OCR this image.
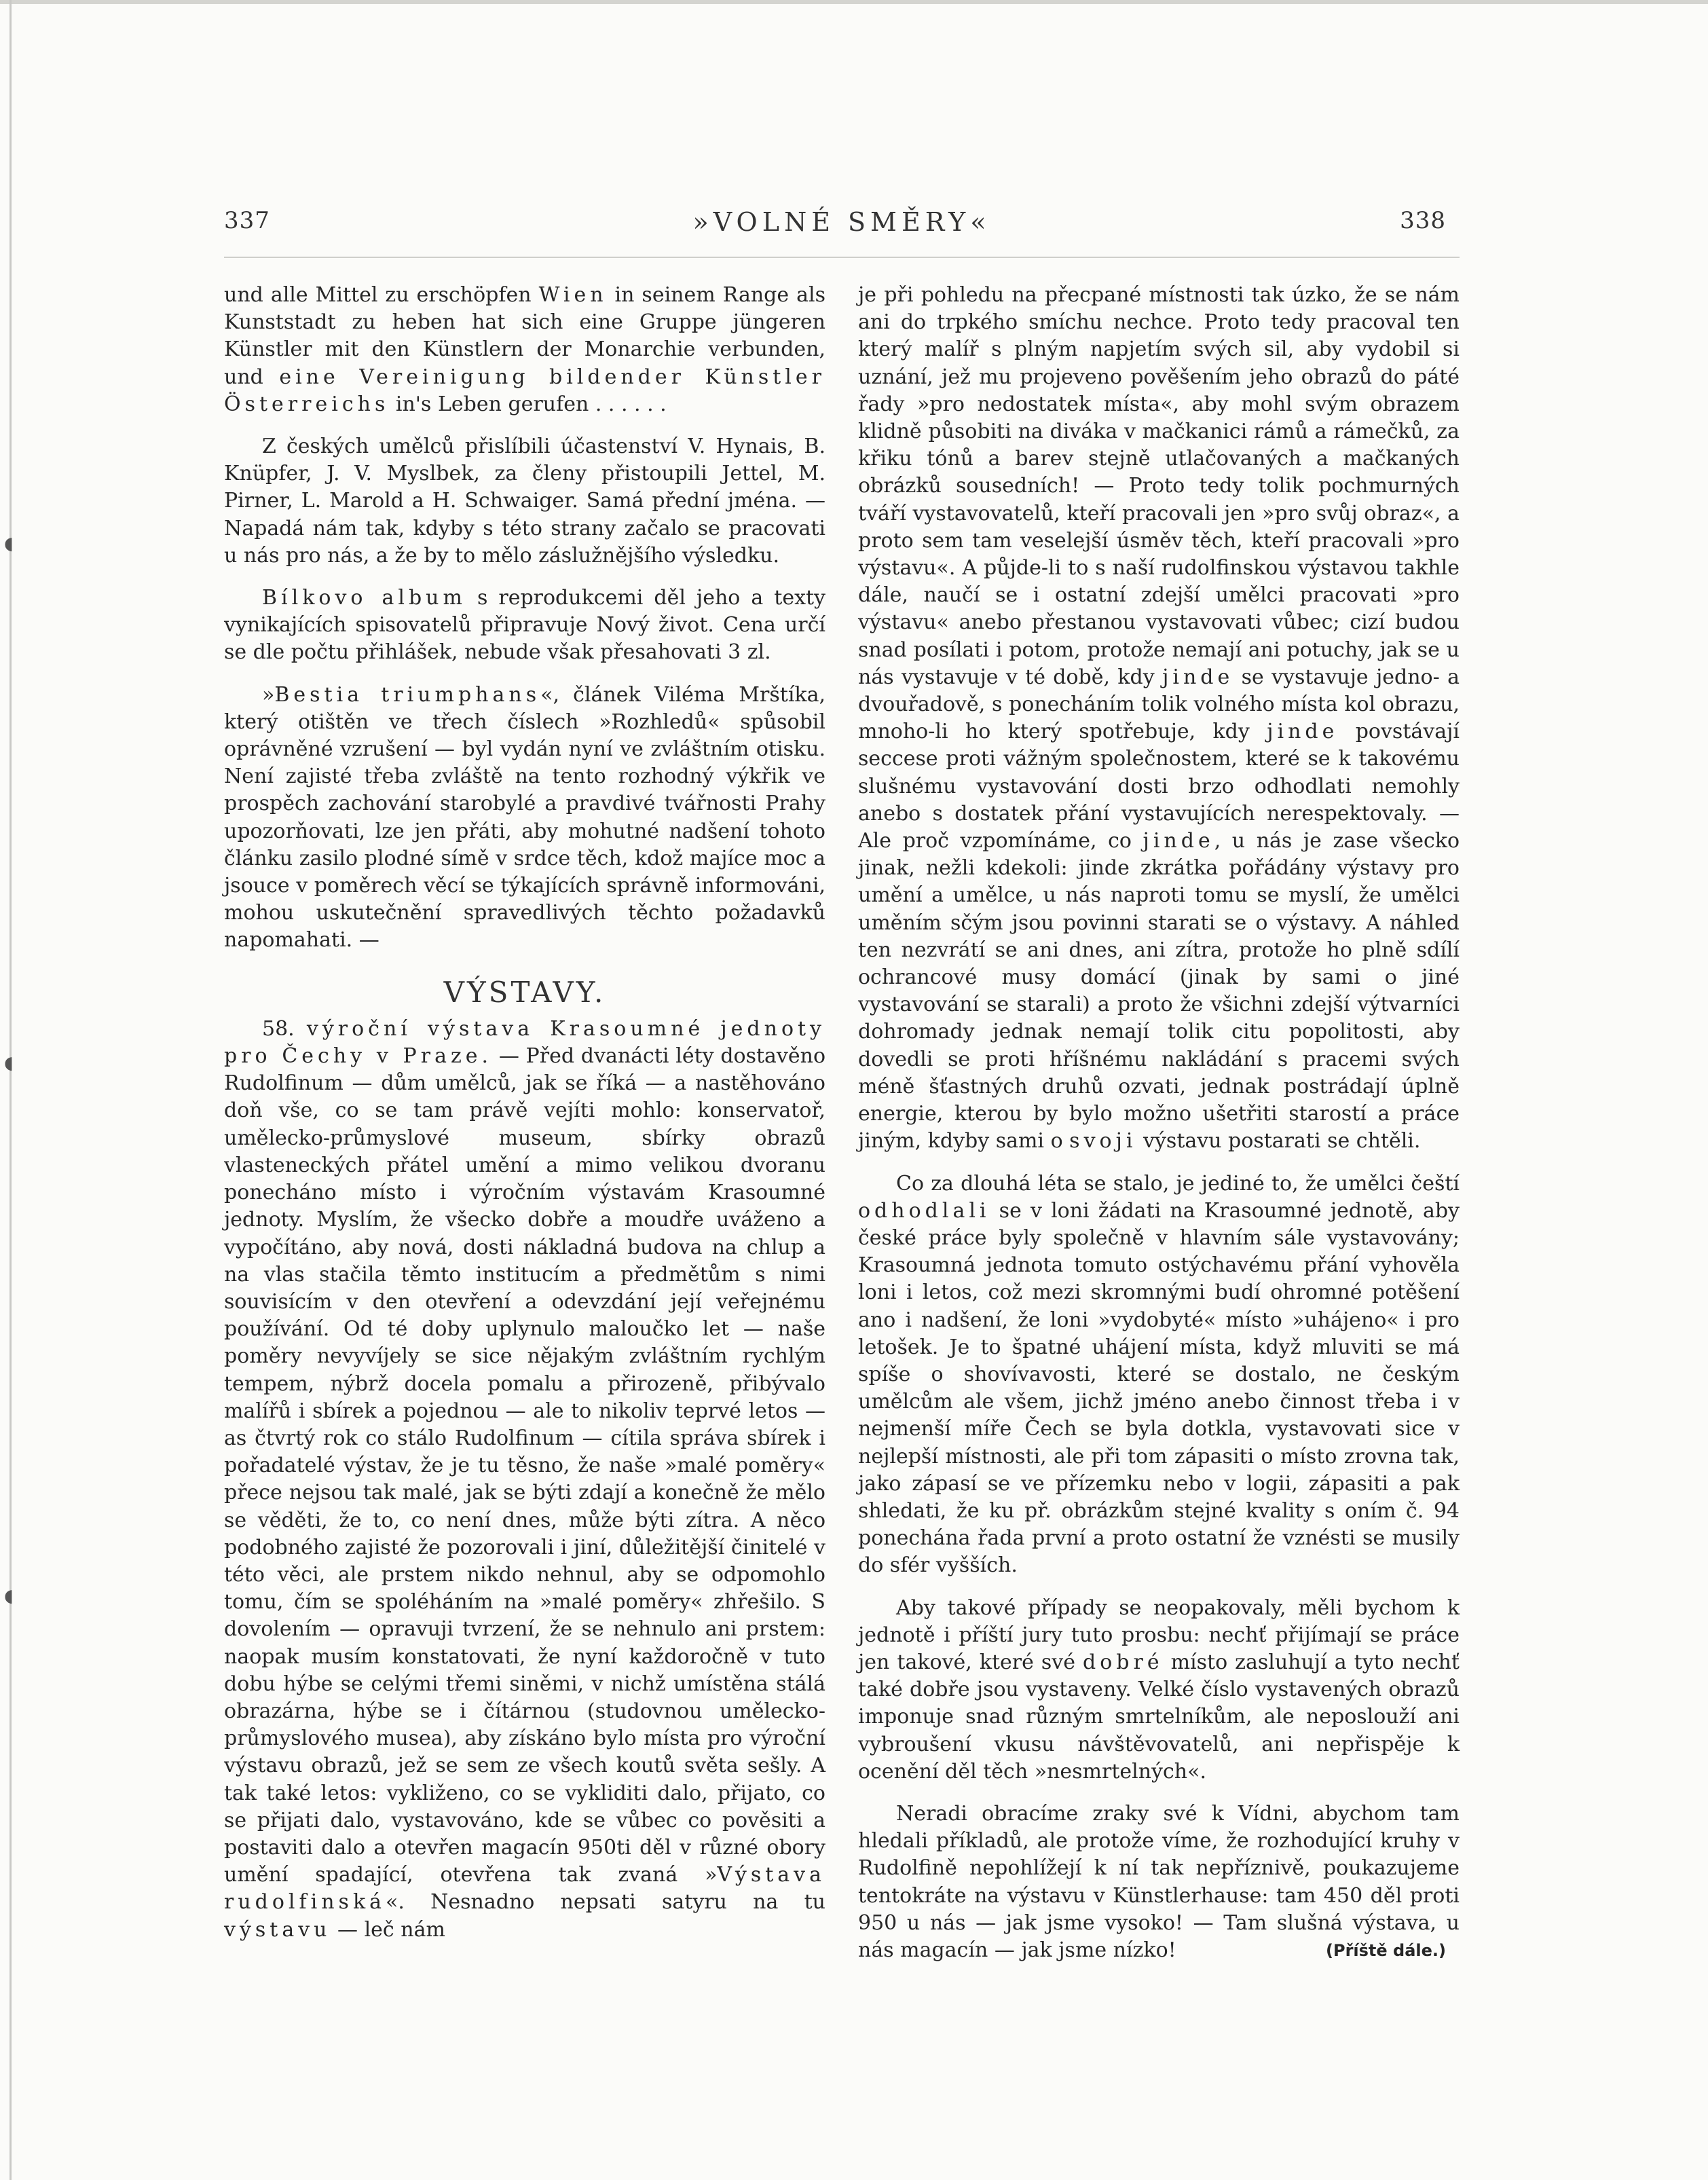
◖
◖
◖
337	»VOLNÉ SMĚRY«	338

und alle Mittel zu erschöpfen Wien in seinem Range als Kunststadt zu heben hat sich eine Gruppe jüngeren Künstler mit den Künstlern der Monarchie verbunden, und eine Vereinigung bildender Künstler Österreichs in's Leben gerufen . . . . . .

Z českých umělců přislíbili účastenství V. Hynais, B. Knüpfer, J. V. Myslbek, za členy přistoupili Jettel, M. Pirner, L. Marold a H. Schwaiger. Samá přední jména. — Napadá nám tak, kdyby s této strany začalo se pracovati u nás pro nás, a že by to mělo záslužnějšího výsledku.

Bílkovo album s reprodukcemi děl jeho a texty vynikajících spisovatelů připravuje Nový život. Cena určí se dle počtu přihlášek, nebude však přesahovati 3 zl.

»Bestia triumphans«, článek Viléma Mrštíka, který otištěn ve třech číslech »Rozhledů« spůsobil oprávněné vzrušení — byl vydán nyní ve zvláštním otisku. Není zajisté třeba zvláště na tento rozhodný výkřik ve prospěch zachování starobylé a pravdivé tvářnosti Prahy upozorňovati, lze jen přáti, aby mohutné nadšení tohoto článku zasilo plodné símě v srdce těch, kdož majíce moc a jsouce v poměrech věcí se týkajících správně informováni, mohou uskutečnění spravedlivých těchto požadavků napomahati. —

VÝSTAVY.

58. výroční výstava Krasoumné jednoty pro Čechy v Praze. — Před dvanácti léty dostavěno Rudolfinum — dům umělců, jak se říká — a nastěhováno doň vše, co se tam právě vejíti mohlo: konservatoř, umělecko-průmyslové museum, sbírky obrazů vlasteneckých přátel umění a mimo velikou dvoranu ponecháno místo i výročním výstavám Krasoumné jednoty. Myslím, že všecko dobře a moudře uváženo a vypočítáno, aby nová, dosti nákladná budova na chlup a na vlas stačila těmto institucím a předmětům s nimi souvisícím v den otevření a odevzdání její veřejnému používání. Od té doby uplynulo maloučko let — naše poměry nevyvíjely se sice nějakým zvláštním rychlým tempem, nýbrž docela pomalu a přirozeně, přibývalo malířů i sbírek a pojednou — ale to nikoliv teprvé letos — as čtvrtý rok co stálo Rudolfinum — cítila správa sbírek i pořadatelé výstav, že je tu těsno, že naše »malé poměry« přece nejsou tak malé, jak se býti zdají a konečně že mělo se věděti, že to, co není dnes, může býti zítra. A něco podobného zajisté že pozorovali i jiní, důležitější činitelé v této věci, ale prstem nikdo nehnul, aby se odpomohlo tomu, čím se spoléháním na »malé poměry« zhřešilo. S dovolením — opravuji tvrzení, že se nehnulo ani prstem: naopak musím konstatovati, že nyní každoročně v tuto dobu hýbe se celými třemi siněmi, v nichž umístěna stálá obrazárna, hýbe se i čítárnou (studovnou umělecko-průmyslového musea), aby získáno bylo místa pro výroční výstavu obrazů, jež se sem ze všech koutů světa sešly. A tak také letos: vykliženo, co se vykliditi dalo, přijato, co se přijati dalo, vystavováno, kde se vůbec co pověsiti a postaviti dalo a otevřen magacín 950ti děl v různé obory umění spadající, otevřena tak zvaná »Výstava rudolfinská«. Nesnadno nepsati satyru na tu výstavu — leč nám

je při pohledu na přecpané místnosti tak úzko, že se nám ani do trpkého smíchu nechce. Proto tedy pracoval ten který malíř s plným napjetím svých sil, aby vydobil si uznání, jež mu projeveno pověšením jeho obrazů do páté řady »pro nedostatek místa«, aby mohl svým obrazem klidně působiti na diváka v mačkanici rámů a rámečků, za křiku tónů a barev stejně utlačovaných a mačkaných obrázků sousedních! — Proto tedy tolik pochmurných tváří vystavovatelů, kteří pracovali jen »pro svůj obraz«, a proto sem tam veselejší úsměv těch, kteří pracovali »pro výstavu«. A půjde-li to s naší rudolfinskou výstavou takhle dále, naučí se i ostatní zdejší umělci pracovati »pro výstavu« anebo přestanou vystavovati vůbec; cizí budou snad posílati i potom, protože nemají ani potuchy, jak se u nás vystavuje v té době, kdy jinde se vystavuje jedno- a dvouřadově, s ponecháním tolik volného místa kol obrazu, mnoho-li ho který spotřebuje, kdy jinde povstávají seccese proti vážným společnostem, které se k takovému slušnému vystavování dosti brzo odhodlati nemohly anebo s dostatek přání vystavujících nerespektovaly. — Ale proč vzpomínáme, co jinde, u nás je zase všecko jinak, nežli kdekoli: jinde zkrátka pořádány výstavy pro umění a umělce, u nás naproti tomu se myslí, že umělci uměním sčým jsou povinni starati se o výstavy. A náhled ten nezvrátí se ani dnes, ani zítra, protože ho plně sdílí ochrancové musy domácí (jinak by sami o jiné vystavování se starali) a proto že všichni zdejší výtvarníci dohromady jednak nemají tolik citu popolitosti, aby dovedli se proti hříšnému nakládání s pracemi svých méně šťastných druhů ozvati, jednak postrádají úplně energie, kterou by bylo možno ušetřiti starostí a práce jiným, kdyby sami o svoji výstavu postarati se chtěli.

Co za dlouhá léta se stalo, je jediné to, že umělci čeští odhodlali se v loni žádati na Krasoumné jednotě, aby české práce byly společně v hlavním sále vystavovány; Krasoumná jednota tomuto ostýchavému přání vyhověla loni i letos, což mezi skromnými budí ohromné potěšení ano i nadšení, že loni »vydobyté« místo »uhájeno« i pro letošek. Je to špatné uhájení místa, když mluviti se má spíše o shovívavosti, které se dostalo, ne českým umělcům ale všem, jichž jméno anebo činnost třeba i v nejmenší míře Čech se byla dotkla, vystavovati sice v nejlepší místnosti, ale při tom zápasiti o místo zrovna tak, jako zápasí se ve přízemku nebo v logii, zápasiti a pak shledati, že ku př. obrázkům stejné kvality s oním č. 94 ponechána řada první a proto ostatní že vznésti se musily do sfér vyšších.

Aby takové případy se neopakovaly, měli bychom k jednotě i příští jury tuto prosbu: nechť přijímají se práce jen takové, které své dobré místo zasluhují a tyto nechť také dobře jsou vystaveny. Velké číslo vystavených obrazů imponuje snad různým smrtelníkům, ale neposlouží ani vybroušení vkusu návštěvovatelů, ani nepřispěje k ocenění děl těch »nesmrtelných«.

Neradi obracíme zraky své k Vídni, abychom tam hledali příkladů, ale protože víme, že rozhodující kruhy v Rudolfině nepohlížejí k ní tak nepříznivě, poukazujeme tentokráte na výstavu v Künstlerhause: tam 450 děl proti 950 u nás — jak jsme vysoko! — Tam slušná výstava, u nás magacín — jak jsme nízko!	(Příště dále.)
